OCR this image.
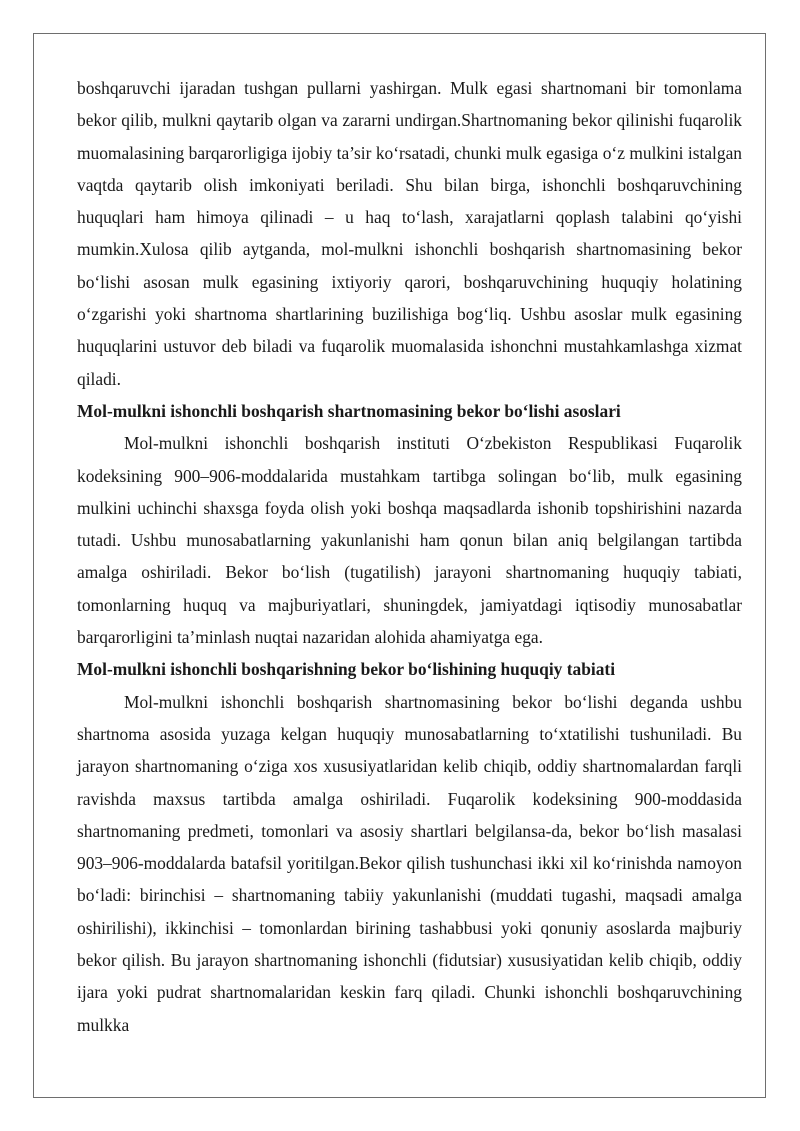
boshqaruvchi ijaradan tushgan pullarni yashirgan. Mulk egasi shartnomani bir tomonlama bekor qilib, mulkni qaytarib olgan va zararni undirgan.Shartnomaning bekor qilinishi fuqarolik muomalasining barqarorligiga ijobiy ta’sir ko‘rsatadi, chunki mulk egasiga o‘z mulkini istalgan vaqtda qaytarib olish imkoniyati beriladi. Shu bilan birga, ishonchli boshqaruvchining huquqlari ham himoya qilinadi – u haq to‘lash, xarajatlarni qoplash talabini qo‘yishi mumkin.Xulosa qilib aytganda, mol-mulkni ishonchli boshqarish shartnomasining bekor bo‘lishi asosan mulk egasining ixtiyoriy qarori, boshqaruvchining huquqiy holatining o‘zgarishi yoki shartnoma shartlarining buzilishiga bog‘liq. Ushbu asoslar mulk egasining huquqlarini ustuvor deb biladi va fuqarolik muomalasida ishonchni mustahkamlashga xizmat qiladi.

Mol-mulkni ishonchli boshqarish shartnomasining bekor bo‘lishi asoslari

Mol-mulkni ishonchli boshqarish instituti O‘zbekiston Respublikasi Fuqarolik kodeksining 900–906-moddalarida mustahkam tartibga solingan bo‘lib, mulk egasining mulkini uchinchi shaxsga foyda olish yoki boshqa maqsadlarda ishonib topshirishini nazarda tutadi. Ushbu munosabatlarning yakunlanishi ham qonun bilan aniq belgilangan tartibda amalga oshiriladi. Bekor bo‘lish (tugatilish) jarayoni shartnomaning huquqiy tabiati, tomonlarning huquq va majburiyatlari, shuningdek, jamiyatdagi iqtisodiy munosabatlar barqarorligini ta’minlash nuqtai nazaridan alohida ahamiyatga ega.

Mol-mulkni ishonchli boshqarishning bekor bo‘lishining huquqiy tabiati

Mol-mulkni ishonchli boshqarish shartnomasining bekor bo‘lishi deganda ushbu shartnoma asosida yuzaga kelgan huquqiy munosabatlarning to‘xtatilishi tushuniladi. Bu jarayon shartnomaning o‘ziga xos xususiyatlaridan kelib chiqib, oddiy shartnomalardan farqli ravishda maxsus tartibda amalga oshiriladi. Fuqarolik kodeksining 900-moddasida shartnomaning predmeti, tomonlari va asosiy shartlari belgilansa-da, bekor bo‘lish masalasi 903–906-moddalarda batafsil yoritilgan.Bekor qilish tushunchasi ikki xil ko‘rinishda namoyon bo‘ladi: birinchisi – shartnomaning tabiiy yakunlanishi (muddati tugashi, maqsadi amalga oshirilishi), ikkinchisi – tomonlardan birining tashabbusi yoki qonuniy asoslarda majburiy bekor qilish. Bu jarayon shartnomaning ishonchli (fidutsiar) xususiyatidan kelib chiqib, oddiy ijara yoki pudrat shartnomalaridan keskin farq qiladi. Chunki ishonchli boshqaruvchining mulkka
